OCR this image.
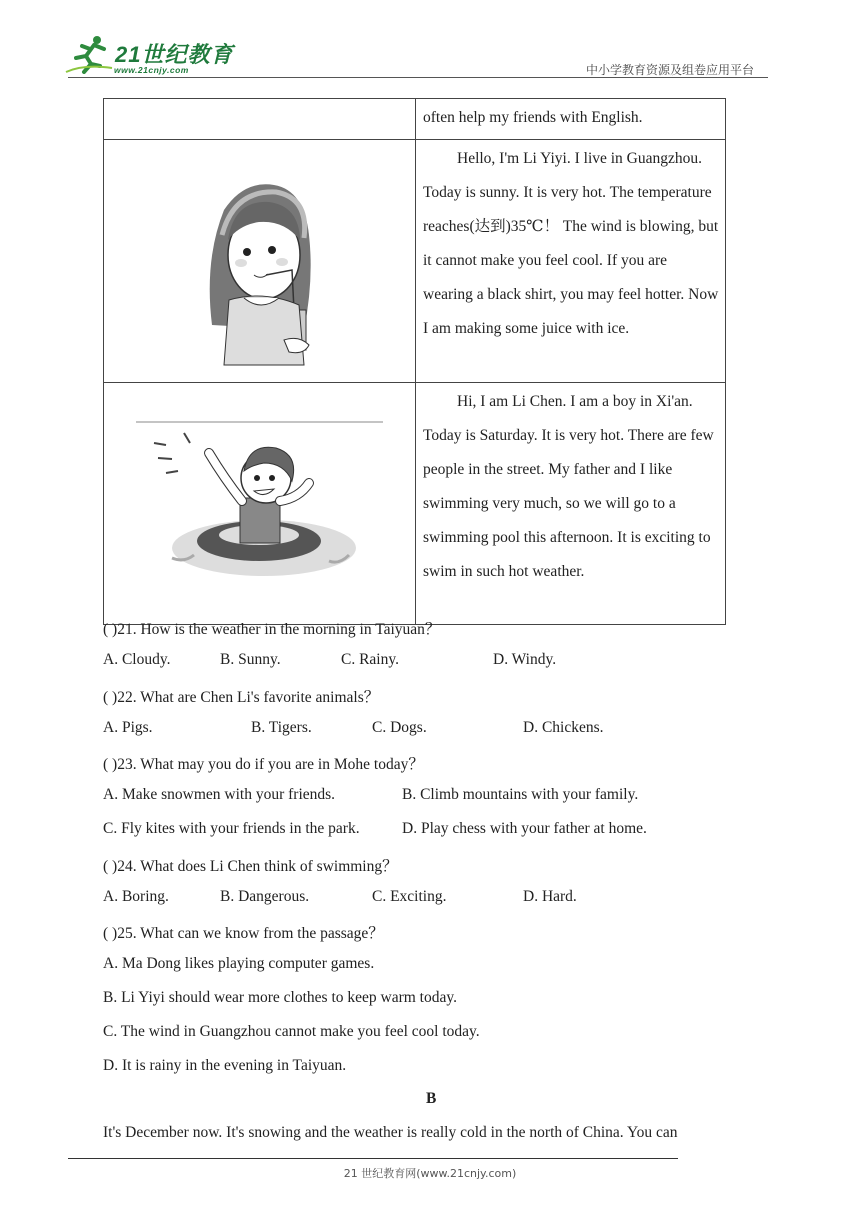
21世纪教育
www.21cnjy.com	中小学教育资源及组卷应用平台
	often help my friends with English.
	Hello, I'm Li Yiyi. I live in Guangzhou. Today is sunny. It is very hot. The temperature reaches(达到)35℃！ The wind is blowing, but it cannot make you feel cool. If you are wearing a black shirt, you may feel hotter. Now I am making some juice with ice.
	Hi, I am Li Chen. I am a boy in Xi'an. Today is Saturday. It is very hot. There are few people in the street. My father and I like swimming very much, so we will go to a swimming pool this afternoon. It is exciting to swim in such hot weather.
( )21. How is the weather in the morning in Taiyuan？
A. Cloudy.	B. Sunny.	C. Rainy.	D. Windy.
( )22. What are Chen Li's favorite animals？
A. Pigs.	B. Tigers.	C. Dogs.	D. Chickens.
( )23. What may you do if you are in Mohe today？
A. Make snowmen with your friends.	B. Climb mountains with your family.
C. Fly kites with your friends in the park.	D. Play chess with your father at home.
( )24. What does Li Chen think of swimming？
A. Boring.	B. Dangerous.	C. Exciting.	D. Hard.
( )25. What can we know from the passage？
A. Ma Dong likes playing computer games.
B. Li Yiyi should wear more clothes to keep warm today.
C. The wind in Guangzhou cannot make you feel cool today.
D. It is rainy in the evening in Taiyuan.
B
It's December now. It's snowing and the weather is really cold in the north of China. You can
21 世纪教育网(www.21cnjy.com)
